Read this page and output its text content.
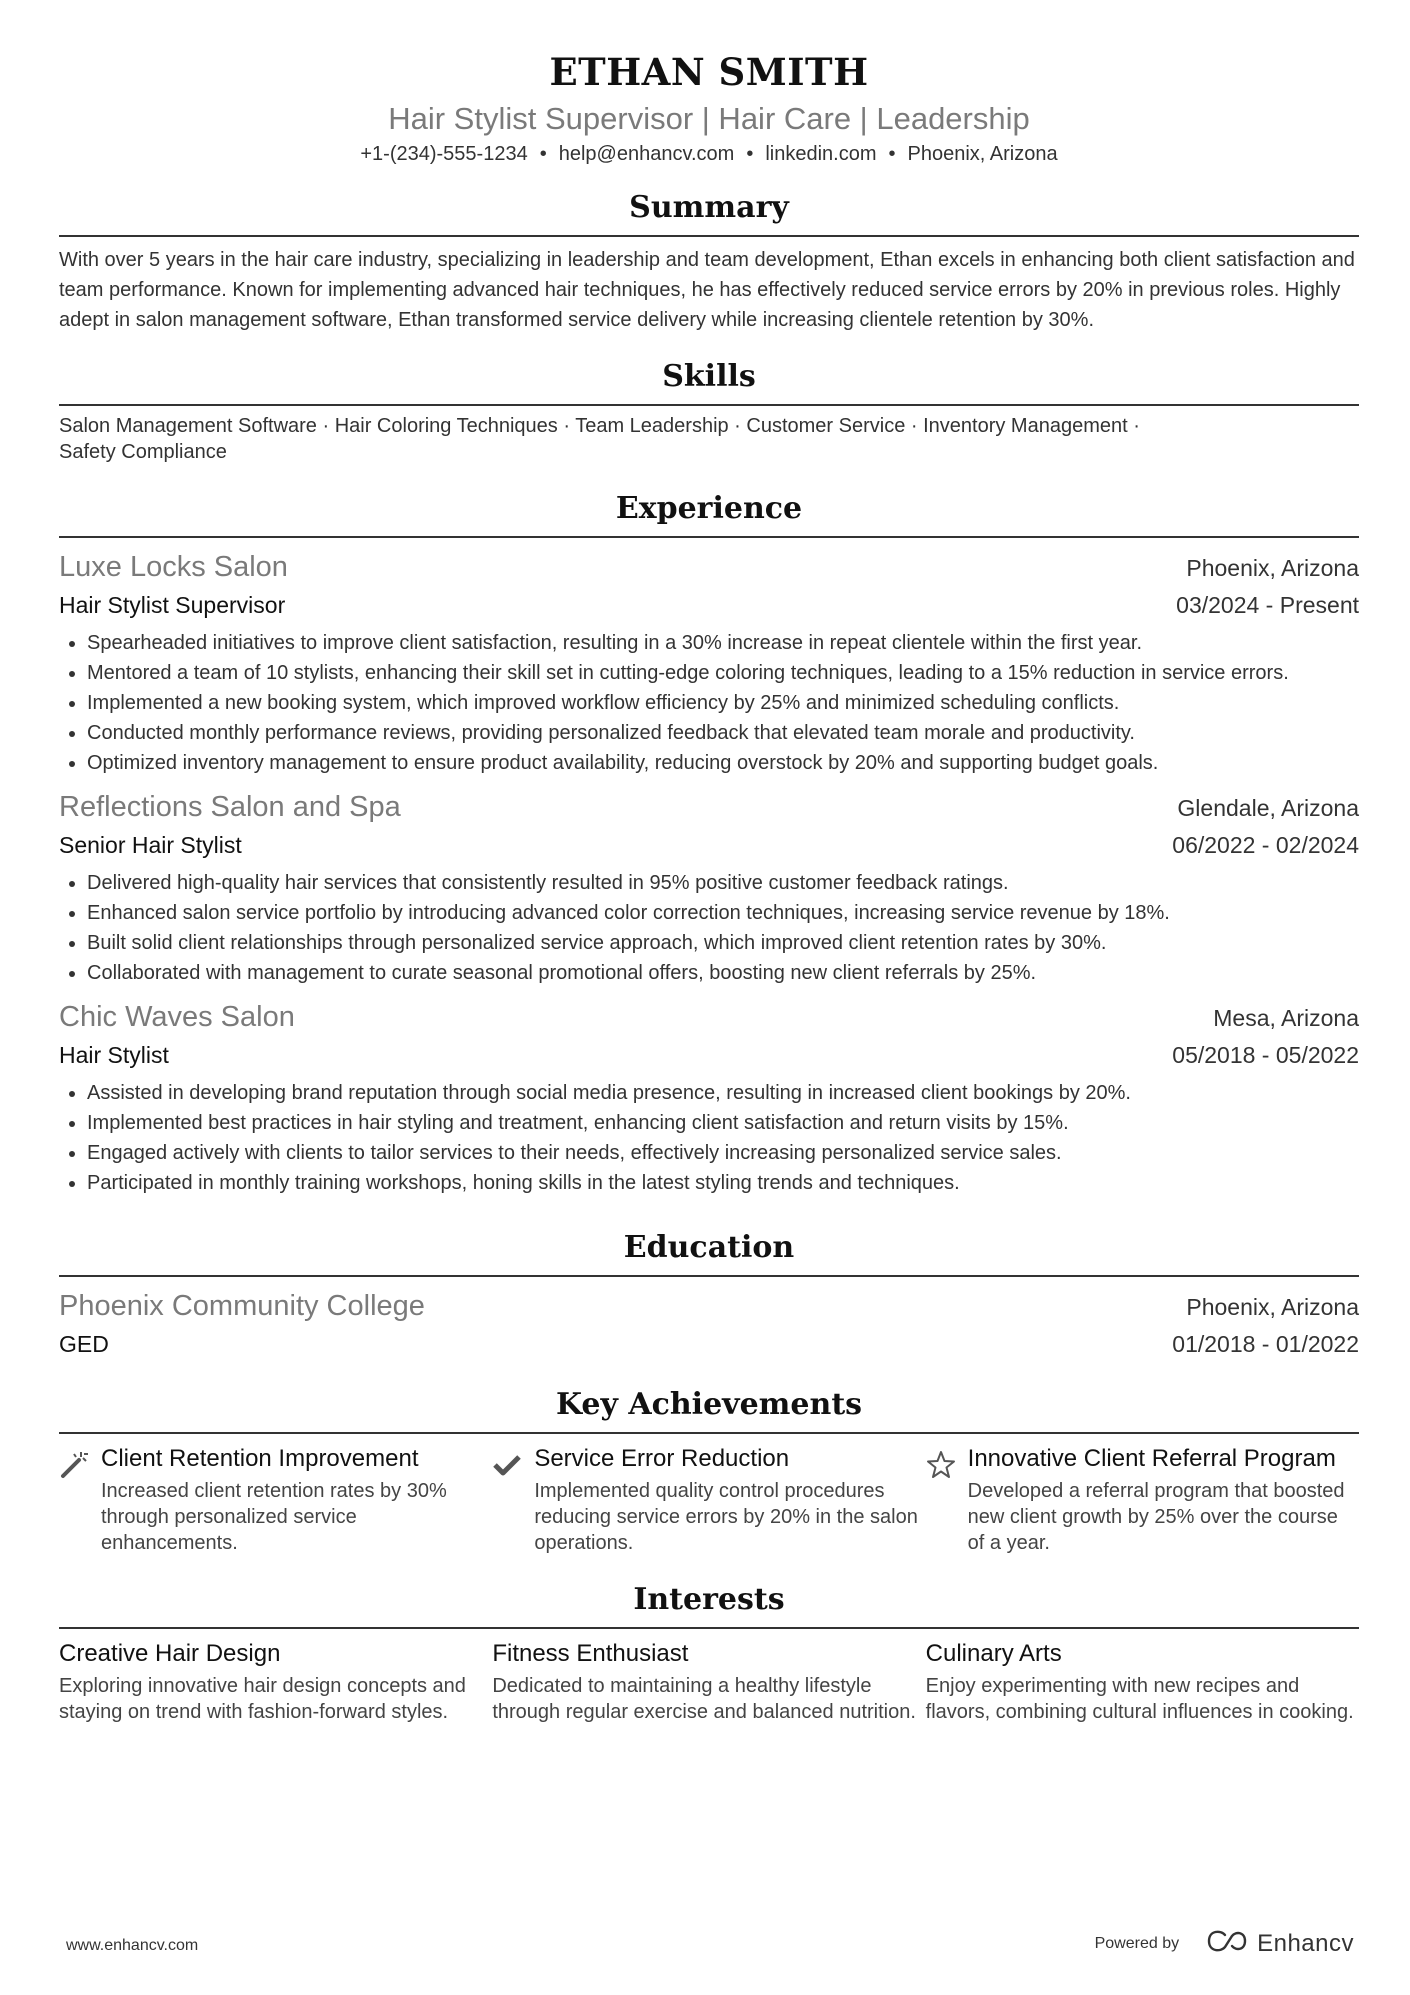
ETHAN SMITH
Hair Stylist Supervisor | Hair Care | Leadership
+1-(234)-555-1234 • help@enhancv.com • linkedin.com • Phoenix, Arizona
Summary
With over 5 years in the hair care industry, specializing in leadership and team development, Ethan excels in enhancing both client satisfaction and team performance. Known for implementing advanced hair techniques, he has effectively reduced service errors by 20% in previous roles. Highly adept in salon management software, Ethan transformed service delivery while increasing clientele retention by 30%.
Skills
Salon Management Software · Hair Coloring Techniques · Team Leadership · Customer Service · Inventory Management ·
Safety Compliance
Experience
Luxe Locks Salon	Phoenix, Arizona
Hair Stylist Supervisor	03/2024 - Present
• Spearheaded initiatives to improve client satisfaction, resulting in a 30% increase in repeat clientele within the first year.
• Mentored a team of 10 stylists, enhancing their skill set in cutting-edge coloring techniques, leading to a 15% reduction in service errors.
• Implemented a new booking system, which improved workflow efficiency by 25% and minimized scheduling conflicts.
• Conducted monthly performance reviews, providing personalized feedback that elevated team morale and productivity.
• Optimized inventory management to ensure product availability, reducing overstock by 20% and supporting budget goals.
Reflections Salon and Spa	Glendale, Arizona
Senior Hair Stylist	06/2022 - 02/2024
• Delivered high-quality hair services that consistently resulted in 95% positive customer feedback ratings.
• Enhanced salon service portfolio by introducing advanced color correction techniques, increasing service revenue by 18%.
• Built solid client relationships through personalized service approach, which improved client retention rates by 30%.
• Collaborated with management to curate seasonal promotional offers, boosting new client referrals by 25%.
Chic Waves Salon	Mesa, Arizona
Hair Stylist	05/2018 - 05/2022
• Assisted in developing brand reputation through social media presence, resulting in increased client bookings by 20%.
• Implemented best practices in hair styling and treatment, enhancing client satisfaction and return visits by 15%.
• Engaged actively with clients to tailor services to their needs, effectively increasing personalized service sales.
• Participated in monthly training workshops, honing skills in the latest styling trends and techniques.
Education
Phoenix Community College	Phoenix, Arizona
GED	01/2018 - 01/2022
Key Achievements
Client Retention Improvement
Increased client retention rates by 30% through personalized service enhancements.
Service Error Reduction
Implemented quality control procedures reducing service errors by 20% in the salon operations.
Innovative Client Referral Program
Developed a referral program that boosted new client growth by 25% over the course of a year.
Interests
Creative Hair Design
Exploring innovative hair design concepts and staying on trend with fashion-forward styles.
Fitness Enthusiast
Dedicated to maintaining a healthy lifestyle through regular exercise and balanced nutrition.
Culinary Arts
Enjoy experimenting with new recipes and flavors, combining cultural influences in cooking.
www.enhancv.com	Powered by	Enhancv
